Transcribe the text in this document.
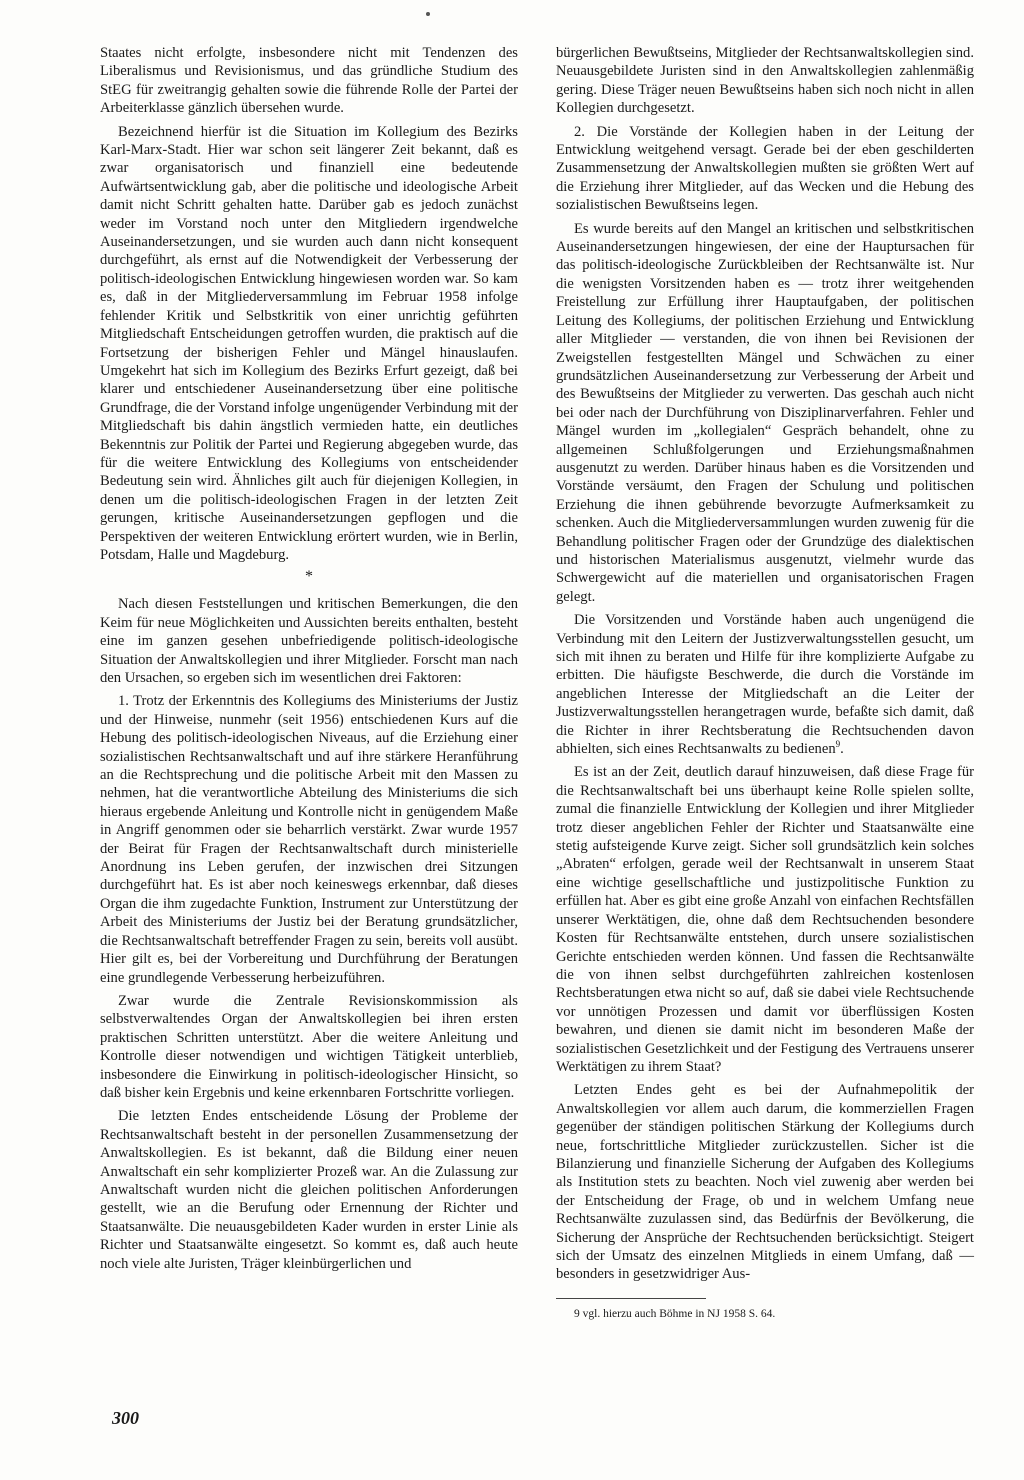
Staates nicht erfolgte, insbesondere nicht mit Tendenzen des Liberalismus und Revisionismus, und das gründliche Studium des StEG für zweitrangig gehalten sowie die führende Rolle der Partei der Arbeiterklasse gänzlich übersehen wurde.

Bezeichnend hierfür ist die Situation im Kollegium des Bezirks Karl-Marx-Stadt. Hier war schon seit längerer Zeit bekannt, daß es zwar organisatorisch und finanziell eine bedeutende Aufwärtsentwicklung gab, aber die politische und ideologische Arbeit damit nicht Schritt gehalten hatte. Darüber gab es jedoch zunächst weder im Vorstand noch unter den Mitgliedern irgendwelche Auseinandersetzungen, und sie wurden auch dann nicht konsequent durchgeführt, als ernst auf die Notwendigkeit der Verbesserung der politisch-ideologischen Entwicklung hingewiesen worden war. So kam es, daß in der Mitgliederversammlung im Februar 1958 infolge fehlender Kritik und Selbstkritik von einer unrichtig geführten Mitgliedschaft Entscheidungen getroffen wurden, die praktisch auf die Fortsetzung der bisherigen Fehler und Mängel hinauslaufen. Umgekehrt hat sich im Kollegium des Bezirks Erfurt gezeigt, daß bei klarer und entschiedener Auseinandersetzung über eine politische Grundfrage, die der Vorstand infolge ungenügender Verbindung mit der Mitgliedschaft bis dahin ängstlich vermieden hatte, ein deutliches Bekenntnis zur Politik der Partei und Regierung abgegeben wurde, das für die weitere Entwicklung des Kollegiums von entscheidender Bedeutung sein wird. Ähnliches gilt auch für diejenigen Kollegien, in denen um die politisch-ideologischen Fragen in der letzten Zeit gerungen, kritische Auseinandersetzungen gepflogen und die Perspektiven der weiteren Entwicklung erörtert wurden, wie in Berlin, Potsdam, Halle und Magdeburg.

*

Nach diesen Feststellungen und kritischen Bemerkungen, die den Keim für neue Möglichkeiten und Aussichten bereits enthalten, besteht eine im ganzen gesehen unbefriedigende politisch-ideologische Situation der Anwaltskollegien und ihrer Mitglieder. Forscht man nach den Ursachen, so ergeben sich im wesentlichen drei Faktoren:

1. Trotz der Erkenntnis des Kollegiums des Ministeriums der Justiz und der Hinweise, nunmehr (seit 1956) entschiedenen Kurs auf die Hebung des politisch-ideologischen Niveaus, auf die Erziehung einer sozialistischen Rechtsanwaltschaft und auf ihre stärkere Heranführung an die Rechtsprechung und die politische Arbeit mit den Massen zu nehmen, hat die verantwortliche Abteilung des Ministeriums die sich hieraus ergebende Anleitung und Kontrolle nicht in genügendem Maße in Angriff genommen oder sie beharrlich verstärkt. Zwar wurde 1957 der Beirat für Fragen der Rechtsanwaltschaft durch ministerielle Anordnung ins Leben gerufen, der inzwischen drei Sitzungen durchgeführt hat. Es ist aber noch keineswegs erkennbar, daß dieses Organ die ihm zugedachte Funktion, Instrument zur Unterstützung der Arbeit des Ministeriums der Justiz bei der Beratung grundsätzlicher, die Rechtsanwaltschaft betreffender Fragen zu sein, bereits voll ausübt. Hier gilt es, bei der Vorbereitung und Durchführung der Beratungen eine grundlegende Verbesserung herbeizuführen.

Zwar wurde die Zentrale Revisionskommission als selbstverwaltendes Organ der Anwaltskollegien bei ihren ersten praktischen Schritten unterstützt. Aber die weitere Anleitung und Kontrolle dieser notwendigen und wichtigen Tätigkeit unterblieb, insbesondere die Einwirkung in politisch-ideologischer Hinsicht, so daß bisher kein Ergebnis und keine erkennbaren Fortschritte vorliegen.

Die letzten Endes entscheidende Lösung der Probleme der Rechtsanwaltschaft besteht in der personellen Zusammensetzung der Anwaltskollegien. Es ist bekannt, daß die Bildung einer neuen Anwaltschaft ein sehr komplizierter Prozeß war. An die Zulassung zur Anwaltschaft wurden nicht die gleichen politischen Anforderungen gestellt, wie an die Berufung oder Ernennung der Richter und Staatsanwälte. Die neuausgebildeten Kader wurden in erster Linie als Richter und Staatsanwälte eingesetzt. So kommt es, daß auch heute noch viele alte Juristen, Träger kleinbürgerlichen und

bürgerlichen Bewußtseins, Mitglieder der Rechtsanwaltskollegien sind. Neuausgebildete Juristen sind in den Anwaltskollegien zahlenmäßig gering. Diese Träger neuen Bewußtseins haben sich noch nicht in allen Kollegien durchgesetzt.

2. Die Vorstände der Kollegien haben in der Leitung der Entwicklung weitgehend versagt. Gerade bei der eben geschilderten Zusammensetzung der Anwaltskollegien mußten sie größten Wert auf die Erziehung ihrer Mitglieder, auf das Wecken und die Hebung des sozialistischen Bewußtseins legen.

Es wurde bereits auf den Mangel an kritischen und selbstkritischen Auseinandersetzungen hingewiesen, der eine der Hauptursachen für das politisch-ideologische Zurückbleiben der Rechtsanwälte ist. Nur die wenigsten Vorsitzenden haben es — trotz ihrer weitgehenden Freistellung zur Erfüllung ihrer Hauptaufgaben, der politischen Leitung des Kollegiums, der politischen Erziehung und Entwicklung aller Mitglieder — verstanden, die von ihnen bei Revisionen der Zweigstellen festgestellten Mängel und Schwächen zu einer grundsätzlichen Auseinandersetzung zur Verbesserung der Arbeit und des Bewußtseins der Mitglieder zu verwerten. Das geschah auch nicht bei oder nach der Durchführung von Disziplinarverfahren. Fehler und Mängel wurden im „kollegialen“ Gespräch behandelt, ohne zu allgemeinen Schlußfolgerungen und Erziehungsmaßnahmen ausgenutzt zu werden. Darüber hinaus haben es die Vorsitzenden und Vorstände versäumt, den Fragen der Schulung und politischen Erziehung die ihnen gebührende bevorzugte Aufmerksamkeit zu schenken. Auch die Mitgliederversammlungen wurden zuwenig für die Behandlung politischer Fragen oder der Grundzüge des dialektischen und historischen Materialismus ausgenutzt, vielmehr wurde das Schwergewicht auf die materiellen und organisatorischen Fragen gelegt.

Die Vorsitzenden und Vorstände haben auch ungenügend die Verbindung mit den Leitern der Justizverwaltungsstellen gesucht, um sich mit ihnen zu beraten und Hilfe für ihre komplizierte Aufgabe zu erbitten. Die häufigste Beschwerde, die durch die Vorstände im angeblichen Interesse der Mitgliedschaft an die Leiter der Justizverwaltungsstellen herangetragen wurde, befaßte sich damit, daß die Richter in ihrer Rechtsberatung die Rechtsuchenden davon abhielten, sich eines Rechtsanwalts zu bedienen$^9$.

Es ist an der Zeit, deutlich darauf hinzuweisen, daß diese Frage für die Rechtsanwaltschaft bei uns überhaupt keine Rolle spielen sollte, zumal die finanzielle Entwicklung der Kollegien und ihrer Mitglieder trotz dieser angeblichen Fehler der Richter und Staatsanwälte eine stetig aufsteigende Kurve zeigt. Sicher soll grundsätzlich kein solches „Abraten“ erfolgen, gerade weil der Rechtsanwalt in unserem Staat eine wichtige gesellschaftliche und justizpolitische Funktion zu erfüllen hat. Aber es gibt eine große Anzahl von einfachen Rechtsfällen unserer Werktätigen, die, ohne daß dem Rechtsuchenden besondere Kosten für Rechtsanwälte entstehen, durch unsere sozialistischen Gerichte entschieden werden können. Und fassen die Rechtsanwälte die von ihnen selbst durchgeführten zahlreichen kostenlosen Rechtsberatungen etwa nicht so auf, daß sie dabei viele Rechtsuchende vor unnötigen Prozessen und damit vor überflüssigen Kosten bewahren, und dienen sie damit nicht im besonderen Maße der sozialistischen Gesetzlichkeit und der Festigung des Vertrauens unserer Werktätigen zu ihrem Staat?

Letzten Endes geht es bei der Aufnahmepolitik der Anwaltskollegien vor allem auch darum, die kommerziellen Fragen gegenüber der ständigen politischen Stärkung der Kollegiums durch neue, fortschrittliche Mitglieder zurückzustellen. Sicher ist die Bilanzierung und finanzielle Sicherung der Aufgaben des Kollegiums als Institution stets zu beachten. Noch viel zuwenig aber werden bei der Entscheidung der Frage, ob und in welchem Umfang neue Rechtsanwälte zuzulassen sind, das Bedürfnis der Bevölkerung, die Sicherung der Ansprüche der Rechtsuchenden berücksichtigt. Steigert sich der Umsatz des einzelnen Mitglieds in einem Umfang, daß — besonders in gesetzwidriger Aus-

9 vgl. hierzu auch Böhme in NJ 1958 S. 64.

300
